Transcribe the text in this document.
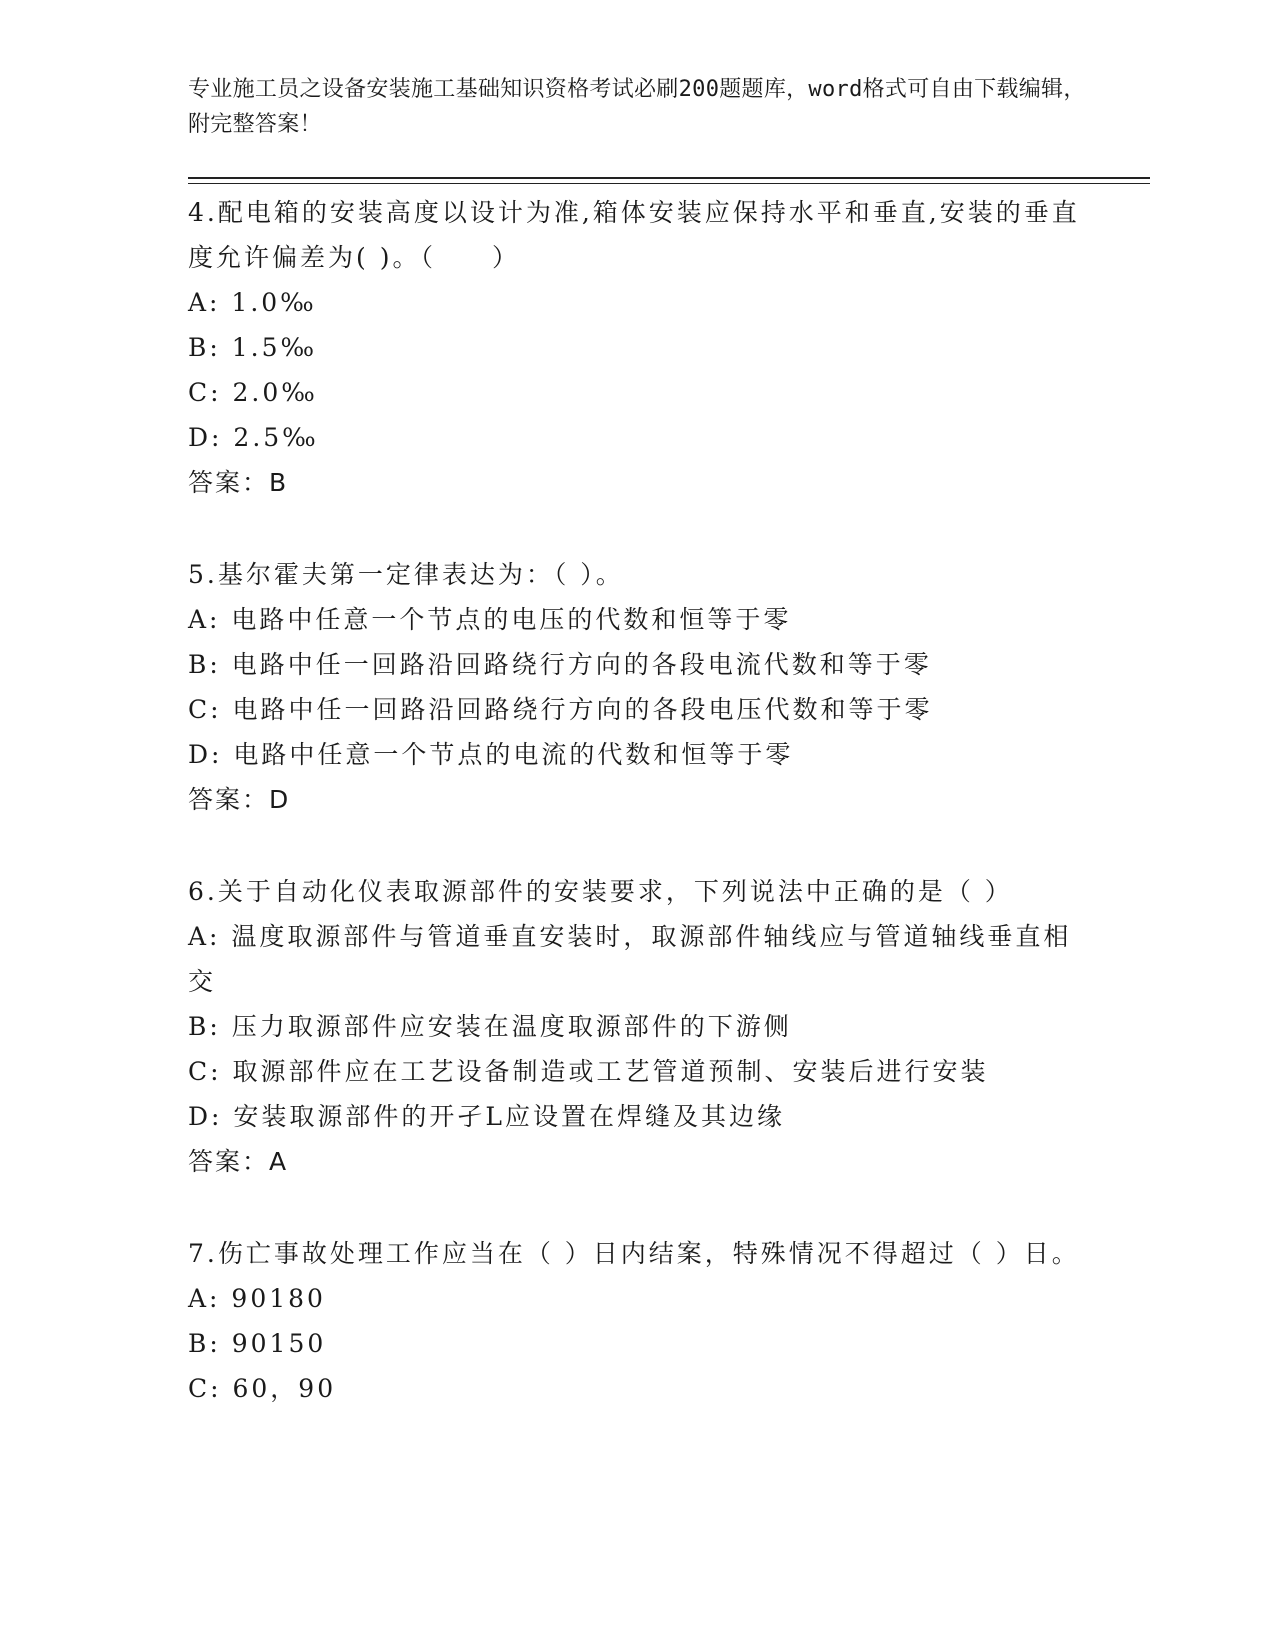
专业施工员之设备安装施工基础知识资格考试必刷200题题库，word格式可自由下载编辑，附完整答案！

4.配电箱的安装高度以设计为准,箱体安装应保持水平和垂直,安装的垂直度允许偏差为( )。（　　）

A: 1.0‰

B: 1.5‰

C: 2.0‰

D: 2.5‰

答案：B

5.基尔霍夫第一定律表达为：（ ）。

A: 电路中任意一个节点的电压的代数和恒等于零

B: 电路中任一回路沿回路绕行方向的各段电流代数和等于零

C: 电路中任一回路沿回路绕行方向的各段电压代数和等于零

D: 电路中任意一个节点的电流的代数和恒等于零

答案：D

6.关于自动化仪表取源部件的安装要求，下列说法中正确的是（ ）

A: 温度取源部件与管道垂直安装时，取源部件轴线应与管道轴线垂直相交

B: 压力取源部件应安装在温度取源部件的下游侧

C: 取源部件应在工艺设备制造或工艺管道预制、安装后进行安装

D: 安装取源部件的开孑L应设置在焊缝及其边缘

答案：A

7.伤亡事故处理工作应当在（ ）日内结案，特殊情况不得超过（ ）日。

A: 90180

B: 90150

C: 60，90
